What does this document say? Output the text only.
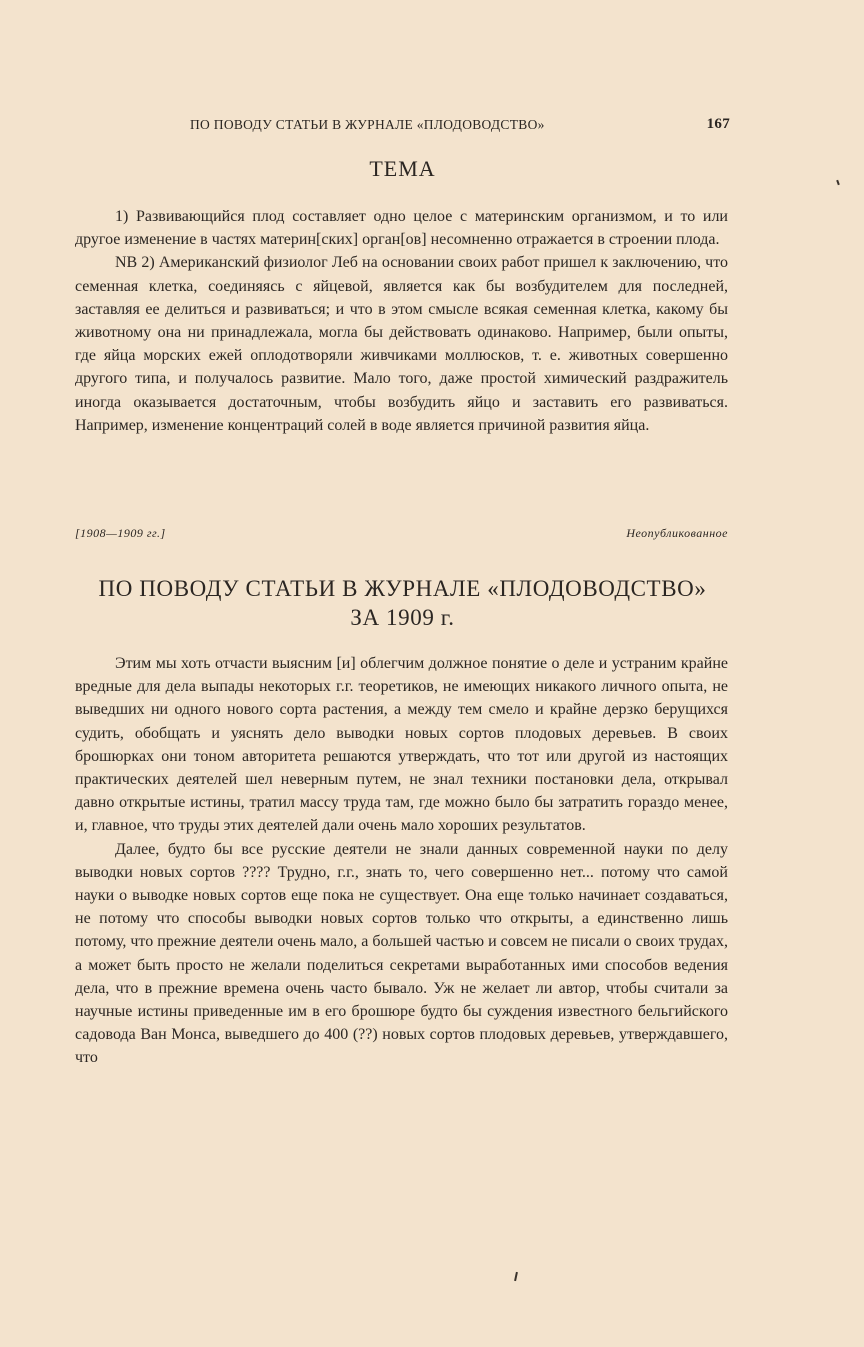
ПО ПОВОДУ СТАТЬИ В ЖУРНАЛЕ «ПЛОДОВОДСТВО»	167
ТЕМА

1) Развивающийся плод составляет одно целое с материнским организмом, и то или другое изменение в частях материн[ских] орган[ов] несомненно отражается в строении плода.

NB 2) Американский физиолог Леб на основании своих работ пришел к заключению, что семенная клетка, соединяясь с яйцевой, является как бы возбудителем для последней, заставляя ее делиться и развиваться; и что в этом смысле всякая семенная клетка, какому бы животному она ни принадлежала, могла бы действовать одинаково. Например, были опыты, где яйца морских ежей оплодотворяли живчиками моллюсков, т. е. животных совершенно другого типа, и получалось развитие. Мало того, даже простой химический раздражитель иногда оказывается достаточным, чтобы возбудить яйцо и заставить его развиваться. Например, изменение концентраций солей в воде является причиной развития яйца.

[1908—1909 гг.]	Неопубликованное
ПО ПОВОДУ СТАТЬИ В ЖУРНАЛЕ «ПЛОДОВОДСТВО»
ЗА 1909 г.

Этим мы хоть отчасти выясним [и] облегчим должное понятие о деле и устраним крайне вредные для дела выпады некоторых г.г. теоретиков, не имеющих никакого личного опыта, не выведших ни одного нового сорта растения, а между тем смело и крайне дерзко берущихся судить, обобщать и уяснять дело выводки новых сортов плодовых деревьев. В своих брошюрках они тоном авторитета решаются утверждать, что тот или другой из настоящих практических деятелей шел неверным путем, не знал техники постановки дела, открывал давно открытые истины, тратил массу труда там, где можно было бы затратить гораздо менее, и, главное, что труды этих деятелей дали очень мало хороших результатов.

Далее, будто бы все русские деятели не знали данных современной науки по делу выводки новых сортов ???? Трудно, г.г., знать то, чего совершенно нет... потому что самой науки о выводке новых сортов еще пока не существует. Она еще только начинает создаваться, не потому что способы выводки новых сортов только что открыты, а единственно лишь потому, что прежние деятели очень мало, а большей частью и совсем не писали о своих трудах, а может быть просто не желали поделиться секретами выработанных ими способов ведения дела, что в прежние времена очень часто бывало. Уж не желает ли автор, чтобы считали за научные истины приведенные им в его брошюре будто бы суждения известного бельгийского садовода Ван Монса, выведшего до 400 (??) новых сортов плодовых деревьев, утверждавшего, что
